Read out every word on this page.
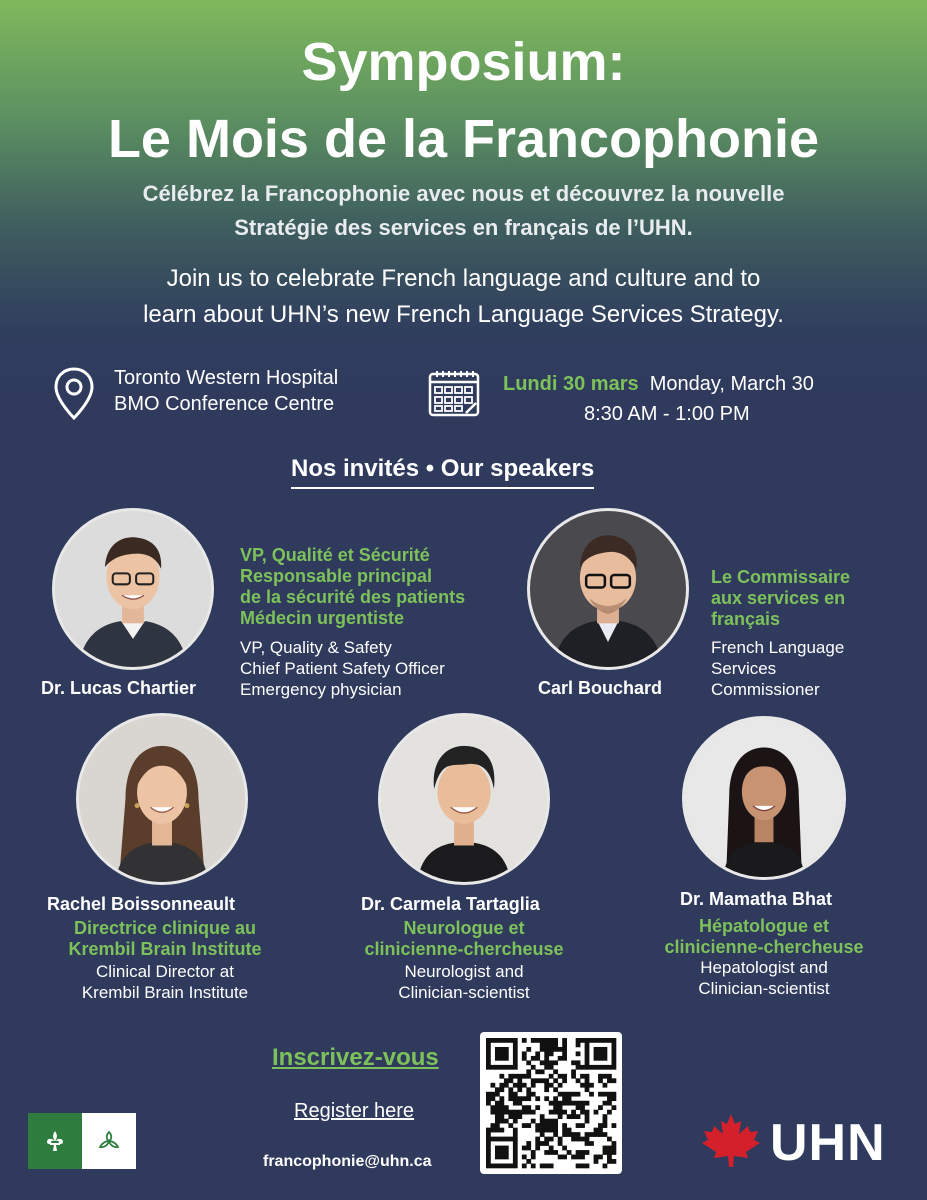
Symposium:
Le Mois de la Francophonie
Célébrez la Francophonie avec nous et découvrez la nouvelle
Stratégie des services en français de l’UHN.
Join us to celebrate French language and culture and to
learn about UHN’s new French Language Services Strategy.
Toronto Western Hospital
BMO Conference Centre
Lundi 30 mars Monday, March 30
8:30 AM - 1:00 PM
Nos invités • Our speakers
Dr. Lucas Chartier
VP, Qualité et Sécurité
Responsable principal
de la sécurité des patients
Médecin urgentiste
VP, Quality & Safety
Chief Patient Safety Officer
Emergency physician	Carl Bouchard
Le Commissaire
aux services en
français
French Language
Services
Commissioner
Rachel Boissonneault
Directrice clinique au
Krembil Brain Institute
Clinical Director at
Krembil Brain Institute
Dr. Carmela Tartaglia
Neurologue et
clinicienne-chercheuse
Neurologist and
Clinician-scientist
Dr. Mamatha Bhat
Hépatologue et
clinicienne-chercheuse
Hepatologist and
Clinician-scientist
Inscrivez-vous
Register here
francophonie@uhn.ca	UHN
